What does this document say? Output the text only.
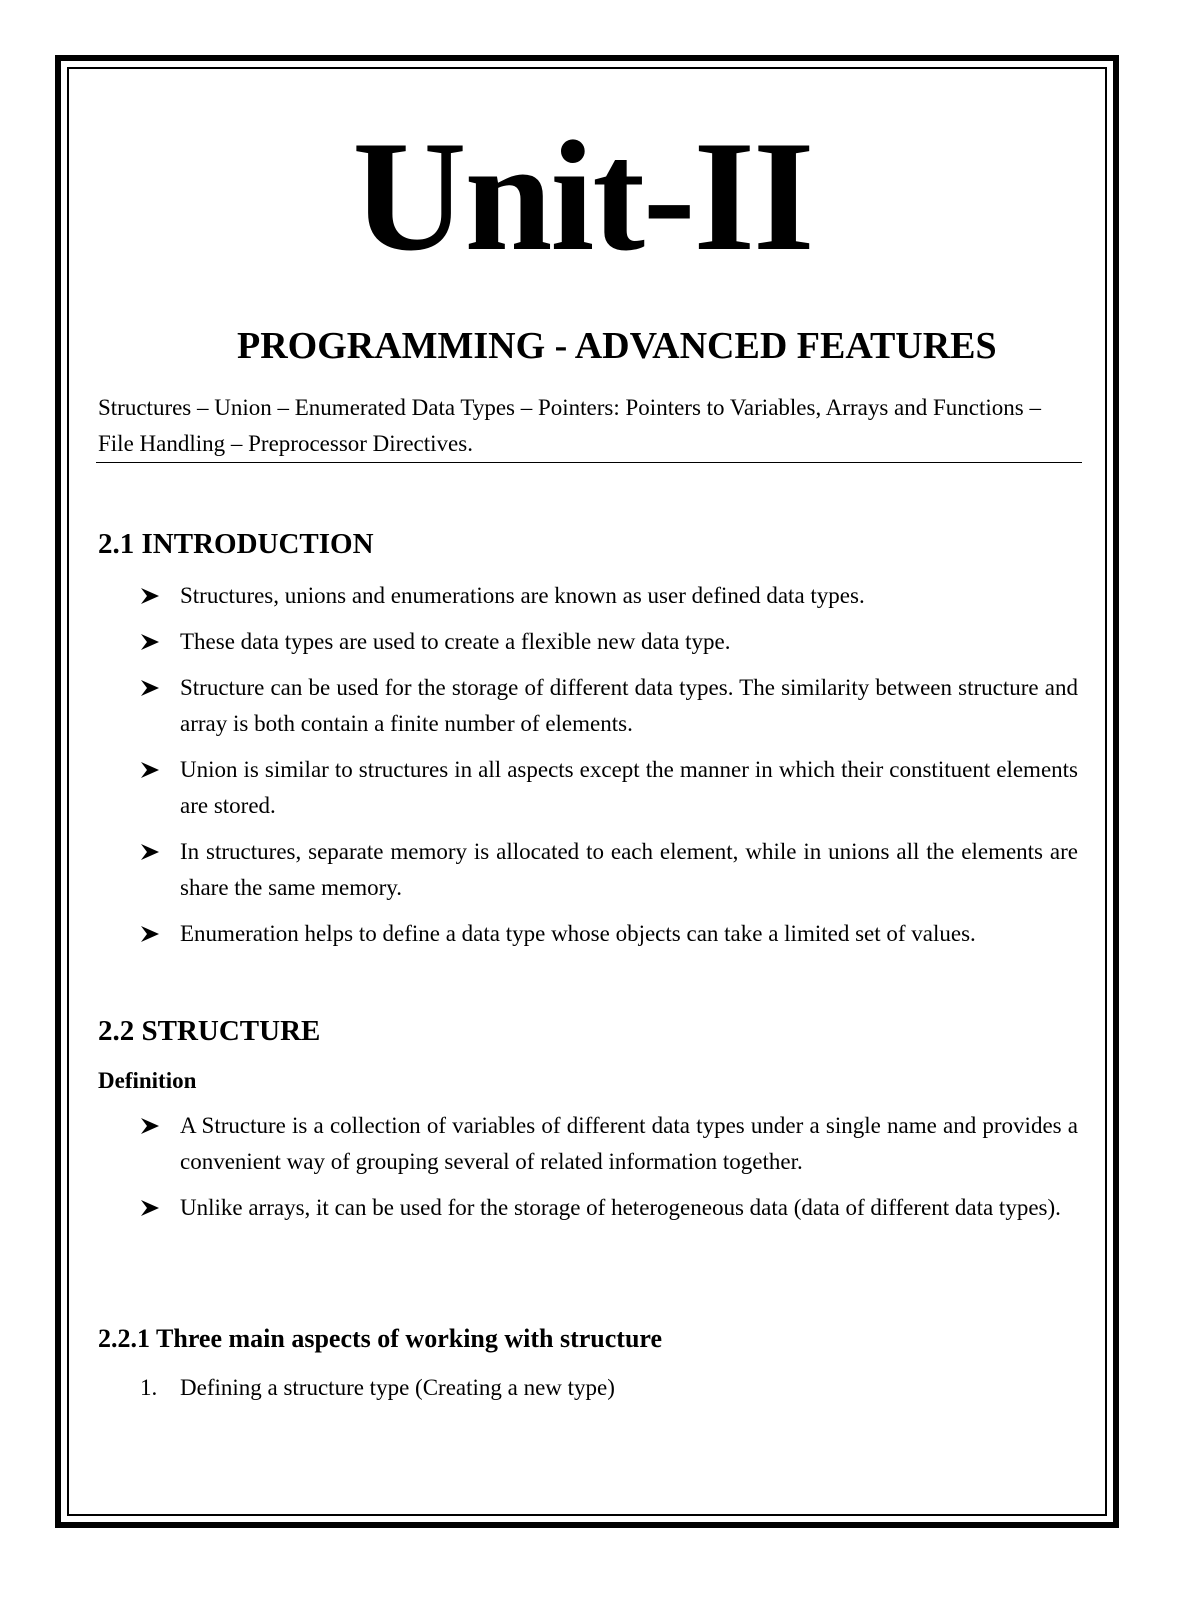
Unit-II
PROGRAMMING - ADVANCED FEATURES
Structures – Union – Enumerated Data Types – Pointers: Pointers to Variables, Arrays and Functions – File Handling – Preprocessor Directives.
2.1 INTRODUCTION
Structures, unions and enumerations are known as user defined data types.
These data types are used to create a flexible new data type.
Structure can be used for the storage of different data types. The similarity between structure and array is both contain a finite number of elements.
Union is similar to structures in all aspects except the manner in which their constituent elements are stored.
In structures, separate memory is allocated to each element, while in unions all the elements are share the same memory.
Enumeration helps to define a data type whose objects can take a limited set of values.
2.2 STRUCTURE
Definition
A Structure is a collection of variables of different data types under a single name and provides a convenient way of grouping several of related information together.
Unlike arrays, it can be used for the storage of heterogeneous data (data of different data types).
2.2.1 Three main aspects of working with structure
1. Defining a structure type (Creating a new type)
